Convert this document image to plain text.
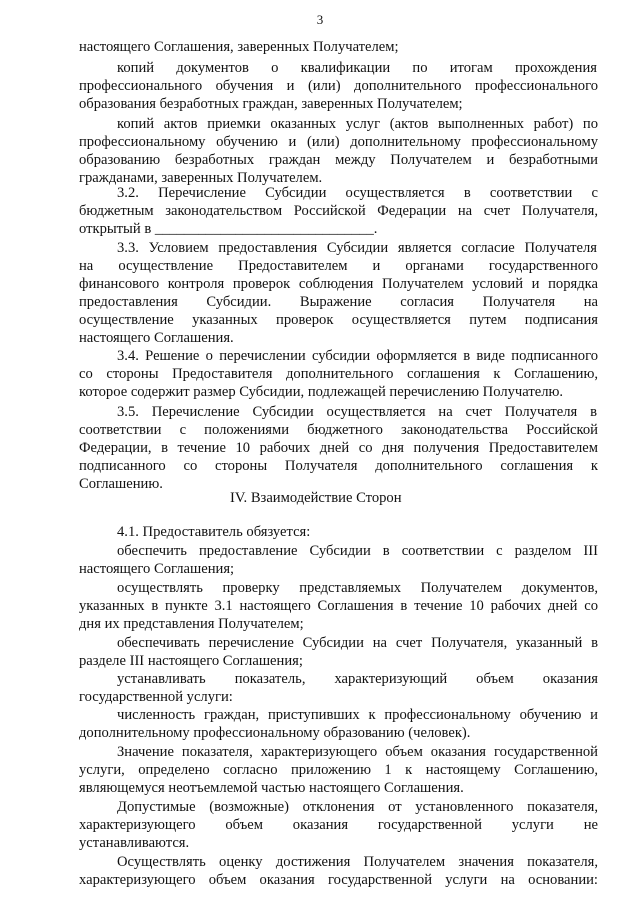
3
настоящего Соглашения, заверенных Получателем;
копий документов о квалификации по итогам прохождения
профессионального обучения и (или) дополнительного профессионального
образования безработных граждан, заверенных Получателем;
копий актов приемки оказанных услуг (актов выполненных работ) по
профессиональному обучению и (или) дополнительному профессиональному
образованию безработных граждан между Получателем и безработными
гражданами, заверенных Получателем.
3.2. Перечисление Субсидии осуществляется в соответствии с
бюджетным законодательством Российской Федерации на счет Получателя,
открытый в ______________________________.
3.3. Условием предоставления Субсидии является согласие Получателя
на осуществление Предоставителем и органами государственного
финансового контроля проверок соблюдения Получателем условий и порядка
предоставления Субсидии. Выражение согласия Получателя на
осуществление указанных проверок осуществляется путем подписания
настоящего Соглашения.
3.4. Решение о перечислении субсидии оформляется в виде подписанного
со стороны Предоставителя дополнительного соглашения к Соглашению,
которое содержит размер Субсидии, подлежащей перечислению Получателю.
3.5. Перечисление Субсидии осуществляется на счет Получателя в
соответствии с положениями бюджетного законодательства Российской
Федерации, в течение 10 рабочих дней со дня получения Предоставителем
подписанного со стороны Получателя дополнительного соглашения к
Соглашению.
IV. Взаимодействие Сторон
4.1. Предоставитель обязуется:
обеспечить предоставление Субсидии в соответствии с разделом III
настоящего Соглашения;
осуществлять проверку представляемых Получателем документов,
указанных в пункте 3.1 настоящего Соглашения в течение 10 рабочих дней со
дня их представления Получателем;
обеспечивать перечисление Субсидии на счет Получателя, указанный в
разделе III настоящего Соглашения;
устанавливать показатель, характеризующий объем оказания
государственной услуги:
численность граждан, приступивших к профессиональному обучению и
дополнительному профессиональному образованию (человек).
Значение показателя, характеризующего объем оказания государственной
услуги, определено согласно приложению 1 к настоящему Соглашению,
являющемуся неотъемлемой частью настоящего Соглашения.
Допустимые (возможные) отклонения от установленного показателя,
характеризующего объем оказания государственной услуги не
устанавливаются.
Осуществлять оценку достижения Получателем значения показателя,
характеризующего объем оказания государственной услуги на основании:
